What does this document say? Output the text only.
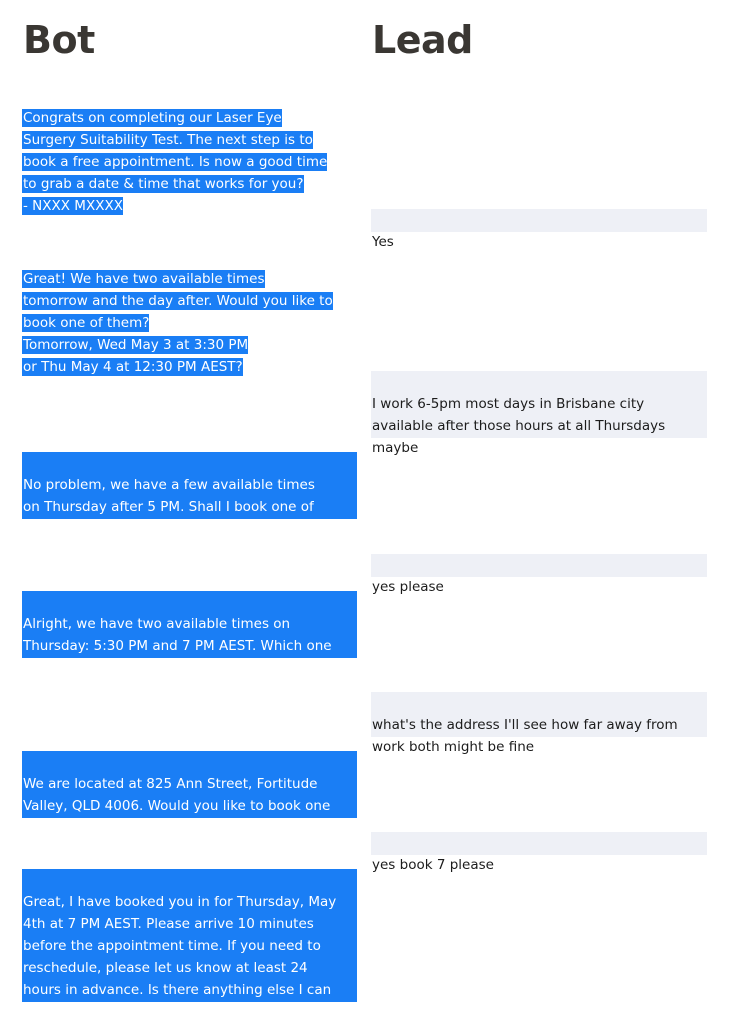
Bot	Lead

Congrats on completing our Laser Eye
Surgery Suitability Test. The next step is to
book a free appointment. Is now a good time
to grab a date & time that works for you?
- NXXX MXXXX

Yes

Great! We have two available times
tomorrow and the day after. Would you like to
book one of them?
Tomorrow, Wed May 3 at 3:30 PM
or Thu May 4 at 12:30 PM AEST?

I work 6-5pm most days in Brisbane city
available after those hours at all Thursdays
maybe

No problem, we have a few available times
on Thursday after 5 PM. Shall I book one of
them for you?

yes please

Alright, we have two available times on
Thursday: 5:30 PM and 7 PM AEST. Which one
would you like to book?

what's the address I'll see how far away from
work both might be fine

We are located at 825 Ann Street, Fortitude
Valley, QLD 4006. Would you like to book one
of the Thursday times?

yes book 7 please

Great, I have booked you in for Thursday, May
4th at 7 PM AEST. Please arrive 10 minutes
before the appointment time. If you need to
reschedule, please let us know at least 24
hours in advance. Is there anything else I can
help you with?
